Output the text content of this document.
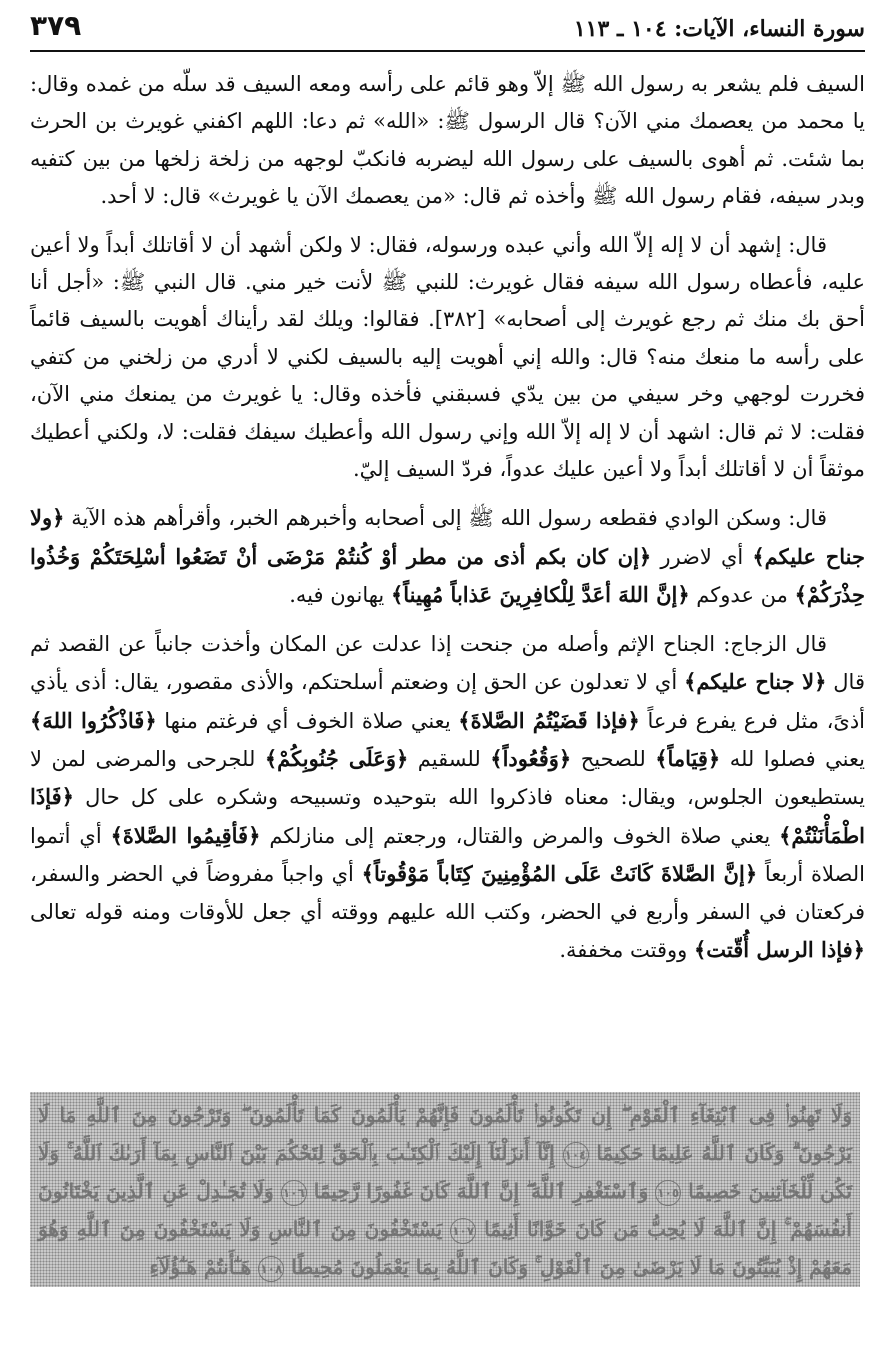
سورة النساء، الآيات: ١٠٤ ـ ١١٣
٣٧٩

السيف فلم يشعر به رسول الله ﷺ إلاّ وهو قائم على رأسه ومعه السيف قد سلّه من غمده وقال: يا محمد من يعصمك مني الآن؟ قال الرسول ﷺ: «الله» ثم دعا: اللهم اكفني غويرث بن الحرث بما شئت. ثم أهوى بالسيف على رسول الله ليضربه فانكبّ لوجهه من زلخة زلخها من بين كتفيه وبدر سيفه، فقام رسول الله ﷺ وأخذه ثم قال: «من يعصمك الآن يا غويرث» قال: لا أحد.

قال: إشهد أن لا إله إلاّ الله وأني عبده ورسوله، فقال: لا ولكن أشهد أن لا أقاتلك أبداً ولا أعين عليه، فأعطاه رسول الله سيفه فقال غويرث: للنبي ﷺ لأنت خير مني. قال النبي ﷺ: «أجل أنا أحق بك منك ثم رجع غويرث إلى أصحابه» [٣٨٢]. فقالوا: ويلك لقد رأيناك أهويت بالسيف قائماً على رأسه ما منعك منه؟ قال: والله إني أهويت إليه بالسيف لكني لا أدري من زلخني من كتفي فخررت لوجهي وخر سيفي من بين يدّي فسبقني فأخذه وقال: يا غويرث من يمنعك مني الآن، فقلت: لا ثم قال: اشهد أن لا إله إلاّ الله وإني رسول الله وأعطيك سيفك فقلت: لا، ولكني أعطيك موثقاً أن لا أقاتلك أبداً ولا أعين عليك عدواً، فردّ السيف إليّ.

قال: وسكن الوادي فقطعه رسول الله ﷺ إلى أصحابه وأخبرهم الخبر، وأقرأهم هذه الآية ﴿ولا جناح عليكم﴾ أي لاضرر ﴿إن كان بكم أذى من مطر أوْ كُنتُمْ مَرْضَى أنْ تَضَعُوا أسْلِحَتَكُمْ وَخُذُوا حِذْرَكُمْ﴾ من عدوكم ﴿إنَّ اللهَ أعَدَّ لِلْكافِرِينَ عَذاباً مُهِيناً﴾ يهانون فيه.

قال الزجاج: الجناح الإثم وأصله من جنحت إذا عدلت عن المكان وأخذت جانباً عن القصد ثم قال ﴿لا جناح عليكم﴾ أي لا تعدلون عن الحق إن وضعتم أسلحتكم، والأذى مقصور، يقال: أذى يأذي أذىً، مثل فرع يفرع فرعاً ﴿فإذا قَضَيْتُمُ الصَّلاةَ﴾ يعني صلاة الخوف أي فرغتم منها ﴿فَاذْكُرُوا اللهَ﴾ يعني فصلوا لله ﴿قِيَاماً﴾ للصحيح ﴿وَقُعُوداً﴾ للسقيم ﴿وَعَلَى جُنُوبِكُمْ﴾ للجرحى والمرضى لمن لا يستطيعون الجلوس، ويقال: معناه فاذكروا الله بتوحيده وتسبيحه وشكره على كل حال ﴿فَإذَا اطْمَأْنَنْتُمْ﴾ يعني صلاة الخوف والمرض والقتال، ورجعتم إلى منازلكم ﴿فَأقِيمُوا الصَّلاةَ﴾ أي أتموا الصلاة أربعاً ﴿إنَّ الصَّلاةَ كَانَتْ عَلَى المُؤْمِنِينَ كِتَاباً مَوْقُوتاً﴾ أي واجباً مفروضاً في الحضر والسفر، فركعتان في السفر وأربع في الحضر، وكتب الله عليهم ووقته أي جعل للأوقات ومنه قوله تعالى ﴿فإذا الرسل أُقّتت﴾ ووقتت مخففة.

وَلَا تَهِنُوا۟ فِى ٱبْتِغَآءِ ٱلْقَوْمِ ۖ إِن تَكُونُوا۟ تَأْلَمُونَ فَإِنَّهُمْ يَأْلَمُونَ كَمَا تَأْلَمُونَ ۖ وَتَرْجُونَ مِنَ ٱللَّهِ مَا لَا يَرْجُونَ ۗ وَكَانَ ٱللَّهُ عَلِيمًا حَكِيمًا ١٠٤ إِنَّآ أَنزَلْنَآ إِلَيْكَ ٱلْكِتَـٰبَ بِٱلْحَقِّ لِتَحْكُمَ بَيْنَ ٱلنَّاسِ بِمَآ أَرَىٰكَ ٱللَّهُ ۚ وَلَا تَكُن لِّلْخَآئِنِينَ خَصِيمًا ١٠٥ وَٱسْتَغْفِرِ ٱللَّهَ ۖ إِنَّ ٱللَّهَ كَانَ غَفُورًا رَّحِيمًا ١٠٦ وَلَا تُجَـٰدِلْ عَنِ ٱلَّذِينَ يَخْتَانُونَ أَنفُسَهُمْ ۚ إِنَّ ٱللَّهَ لَا يُحِبُّ مَن كَانَ خَوَّانًا أَثِيمًا ١٠٧ يَسْتَخْفُونَ مِنَ ٱلنَّاسِ وَلَا يَسْتَخْفُونَ مِنَ ٱللَّهِ وَهُوَ مَعَهُمْ إِذْ يُبَيِّتُونَ مَا لَا يَرْضَىٰ مِنَ ٱلْقَوْلِ ۚ وَكَانَ ٱللَّهُ بِمَا يَعْمَلُونَ مُحِيطًا ١٠٨ هَـٰٓأَنتُمْ هَـٰٓؤُلَآءِ
